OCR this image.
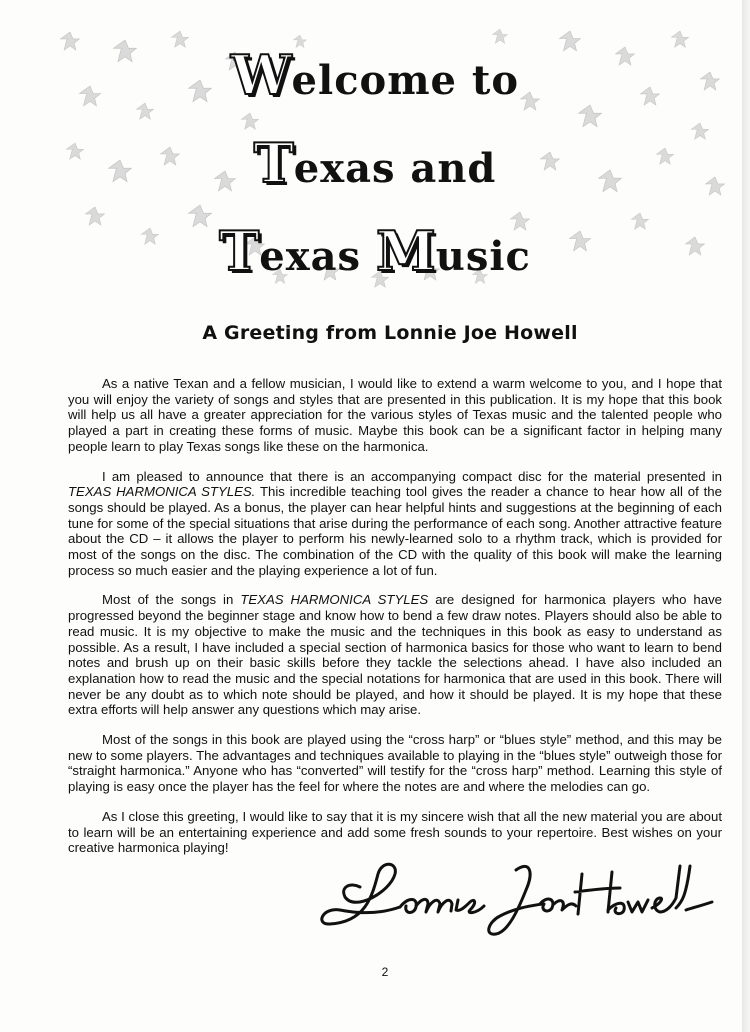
Welcome to
Texas and
Texas Music
A Greeting from Lonnie Joe Howell

As a native Texan and a fellow musician, I would like to extend a warm welcome to you, and I hope that you will enjoy the variety of songs and styles that are presented in this publication. It is my hope that this book will help us all have a greater appreciation for the various styles of Texas music and the talented people who played a part in creating these forms of music. Maybe this book can be a significant factor in helping many people learn to play Texas songs like these on the harmonica.

I am pleased to announce that there is an accompanying compact disc for the material presented in TEXAS HARMONICA STYLES. This incredible teaching tool gives the reader a chance to hear how all of the songs should be played. As a bonus, the player can hear helpful hints and suggestions at the beginning of each tune for some of the special situations that arise during the performance of each song. Another attractive feature about the CD – it allows the player to perform his newly-learned solo to a rhythm track, which is provided for most of the songs on the disc. The combination of the CD with the quality of this book will make the learning process so much easier and the playing experience a lot of fun.

Most of the songs in TEXAS HARMONICA STYLES are designed for harmonica players who have progressed beyond the beginner stage and know how to bend a few draw notes. Players should also be able to read music. It is my objective to make the music and the techniques in this book as easy to understand as possible. As a result, I have included a special section of harmonica basics for those who want to learn to bend notes and brush up on their basic skills before they tackle the selections ahead. I have also included an explanation how to read the music and the special notations for harmonica that are used in this book. There will never be any doubt as to which note should be played, and how it should be played. It is my hope that these extra efforts will help answer any questions which may arise.

Most of the songs in this book are played using the “cross harp” or “blues style” method, and this may be new to some players. The advantages and techniques available to playing in the “blues style” outweigh those for “straight harmonica.” Anyone who has “converted” will testify for the “cross harp” method. Learning this style of playing is easy once the player has the feel for where the notes are and where the melodies can go.

As I close this greeting, I would like to say that it is my sincere wish that all the new material you are about to learn will be an entertaining experience and add some fresh sounds to your repertoire. Best wishes on your creative harmonica playing!

2
